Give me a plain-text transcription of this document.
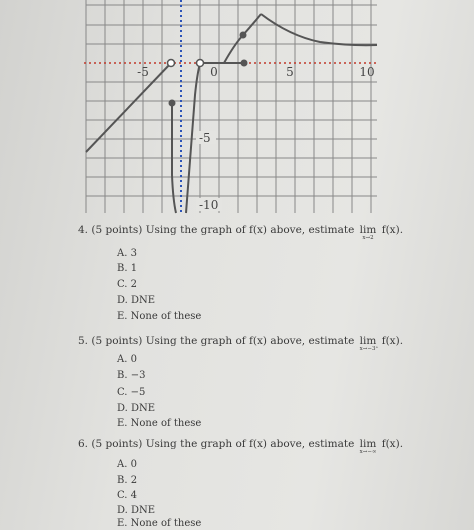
-5	0	5	10
-5
-10
4. (5 points) Using the graph of f(x) above, estimate lim
x→2
f(x).
A. 3
B. 1
C. 2
D. DNE
E. None of these
5. (5 points) Using the graph of f(x) above, estimate lim
x→−3⁺
f(x).
A. 0
B. −3
C. −5
D. DNE
E. None of these
6. (5 points) Using the graph of f(x) above, estimate lim
x→−∞
f(x).
A. 0
B. 2
C. 4
D. DNE
E. None of these
